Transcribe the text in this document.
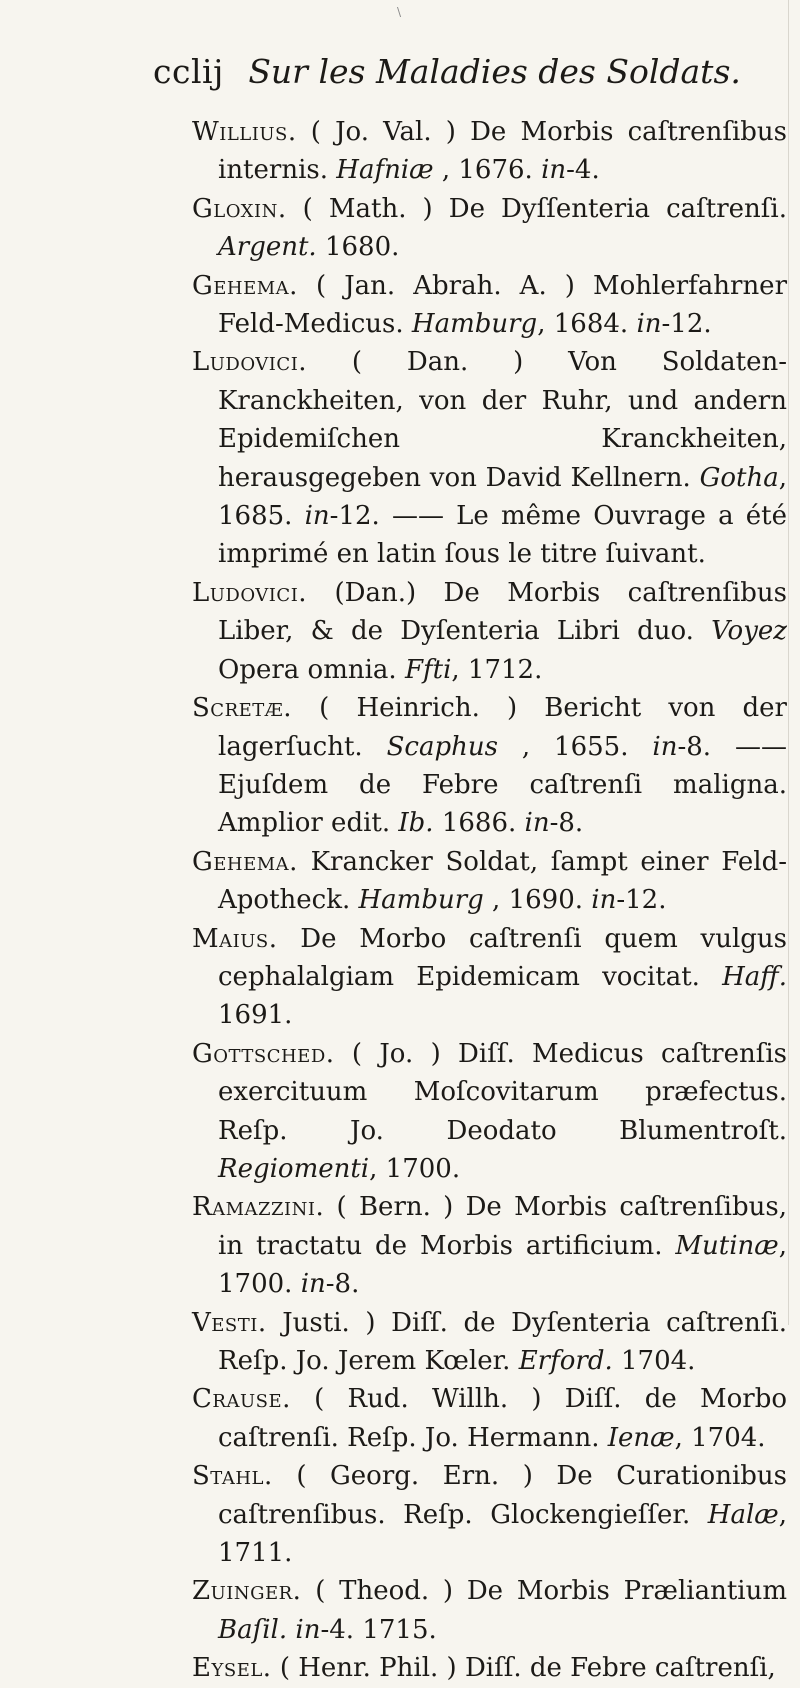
\
cclij Sur les Maladies des Soldats.
Willius. ( Jo. Val. ) De Morbis caſtrenſibus internis. Hafniæ , 1676. in-4.
Gloxin. ( Math. ) De Dyſſenteria caſtrenſi. Argent. 1680.
Gehema. ( Jan. Abrah. A. ) Mohlerfahrner Feld-Medicus. Hamburg, 1684. in-12.
Ludovici. ( Dan. ) Von Soldaten-Kranckheiten, von der Ruhr, und andern Epidemiſchen Kranckheiten, herausgegeben von David Kellnern. Gotha, 1685. in-12. —— Le même Ouvrage a été imprimé en latin ſous le titre ſuivant.
Ludovici. (Dan.) De Morbis caſtrenſibus Liber, & de Dyſenteria Libri duo. Voyez Opera omnia. Ffti, 1712.
Scretæ. ( Heinrich. ) Bericht von der lagerſucht. Scaphus , 1655. in-8. —— Ejuſdem de Febre caſtrenſi maligna. Amplior edit. Ib. 1686. in-8.
Gehema. Krancker Soldat, ſampt einer Feld-Apotheck. Hamburg , 1690. in-12.
Maius. De Morbo caſtrenſi quem vulgus cephalalgiam Epidemicam vocitat. Haff. 1691.
Gottsched. ( Jo. ) Diſſ. Medicus caſtrenſis exercituum Moſcovitarum præfectus. Reſp. Jo. Deodato Blumentroſt. Regiomenti, 1700.
Ramazzini. ( Bern. ) De Morbis caſtrenſibus, in tractatu de Morbis artificium. Mutinæ, 1700. in-8.
Vesti. Justi. ) Diſſ. de Dyſenteria caſtrenſi. Reſp. Jo. Jerem Kœler. Erford. 1704.
Crause. ( Rud. Willh. ) Diſſ. de Morbo caſtrenſi. Reſp. Jo. Hermann. Ienæ, 1704.
Stahl. ( Georg. Ern. ) De Curationibus caſtrenſibus. Reſp. Glockengieſſer. Halæ, 1711.
Zuinger. ( Theod. ) De Morbis Præliantium Baſil. in-4. 1715.
Eysel. ( Henr. Phil. ) Diſſ. de Febre caſtrenſi,
